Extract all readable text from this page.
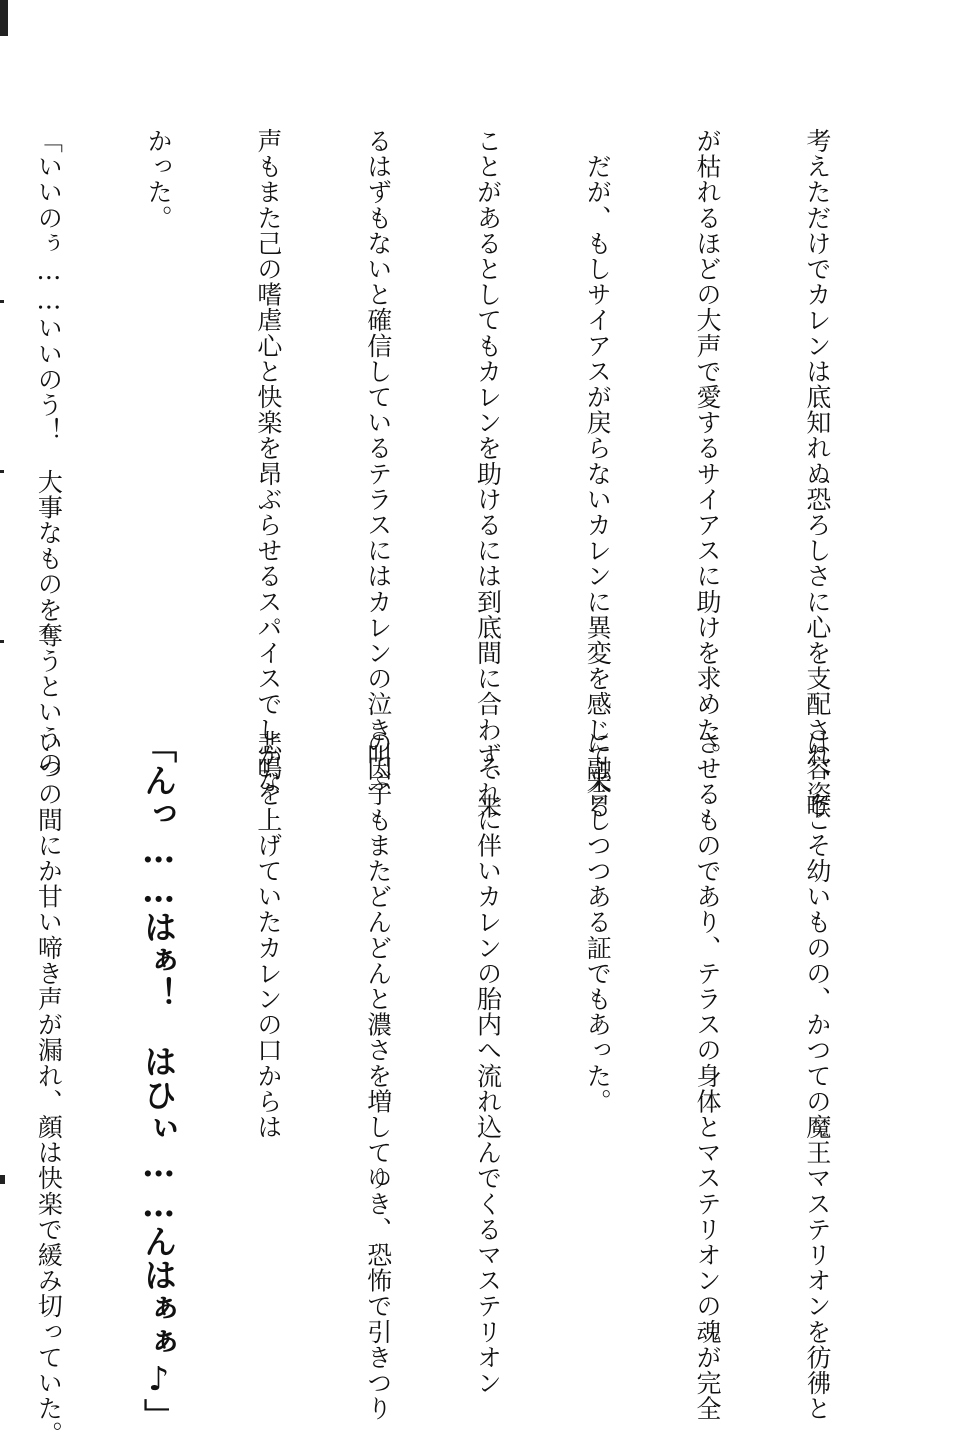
考えただけでカレンは底知れぬ恐ろしさに心を支配され、喉

が枯れるほどの大声で愛するサイアスに助けを求めた。

　だが、もしサイアスが戻らないカレンに異変を感じて来る

ことがあるとしてもカレンを助けるには到底間に合わず、来

るはずもないと確信しているテラスにはカレンの泣き叫ぶ

声もまた己の嗜虐心と快楽を昂ぶらせるスパイスでしかな

かった。

「いいのぅ……いいのう！　大事なものを奪うというの

は容姿こそ幼いものの、かつての魔王マステリオンを彷彿と

させるものであり、テラスの身体とマステリオンの魂が完全

に融合しつつある証でもあった。

　それに伴いカレンの胎内へ流れ込んでくるマステリオン

の因子もまたどんどんと濃さを増してゆき、恐怖で引きつり

悲鳴を上げていたカレンの口からは

「んっ……はぁ！　はひぃ……んはぁぁ♪」

いつの間にか甘い啼き声が漏れ、顔は快楽で緩み切っていた。
